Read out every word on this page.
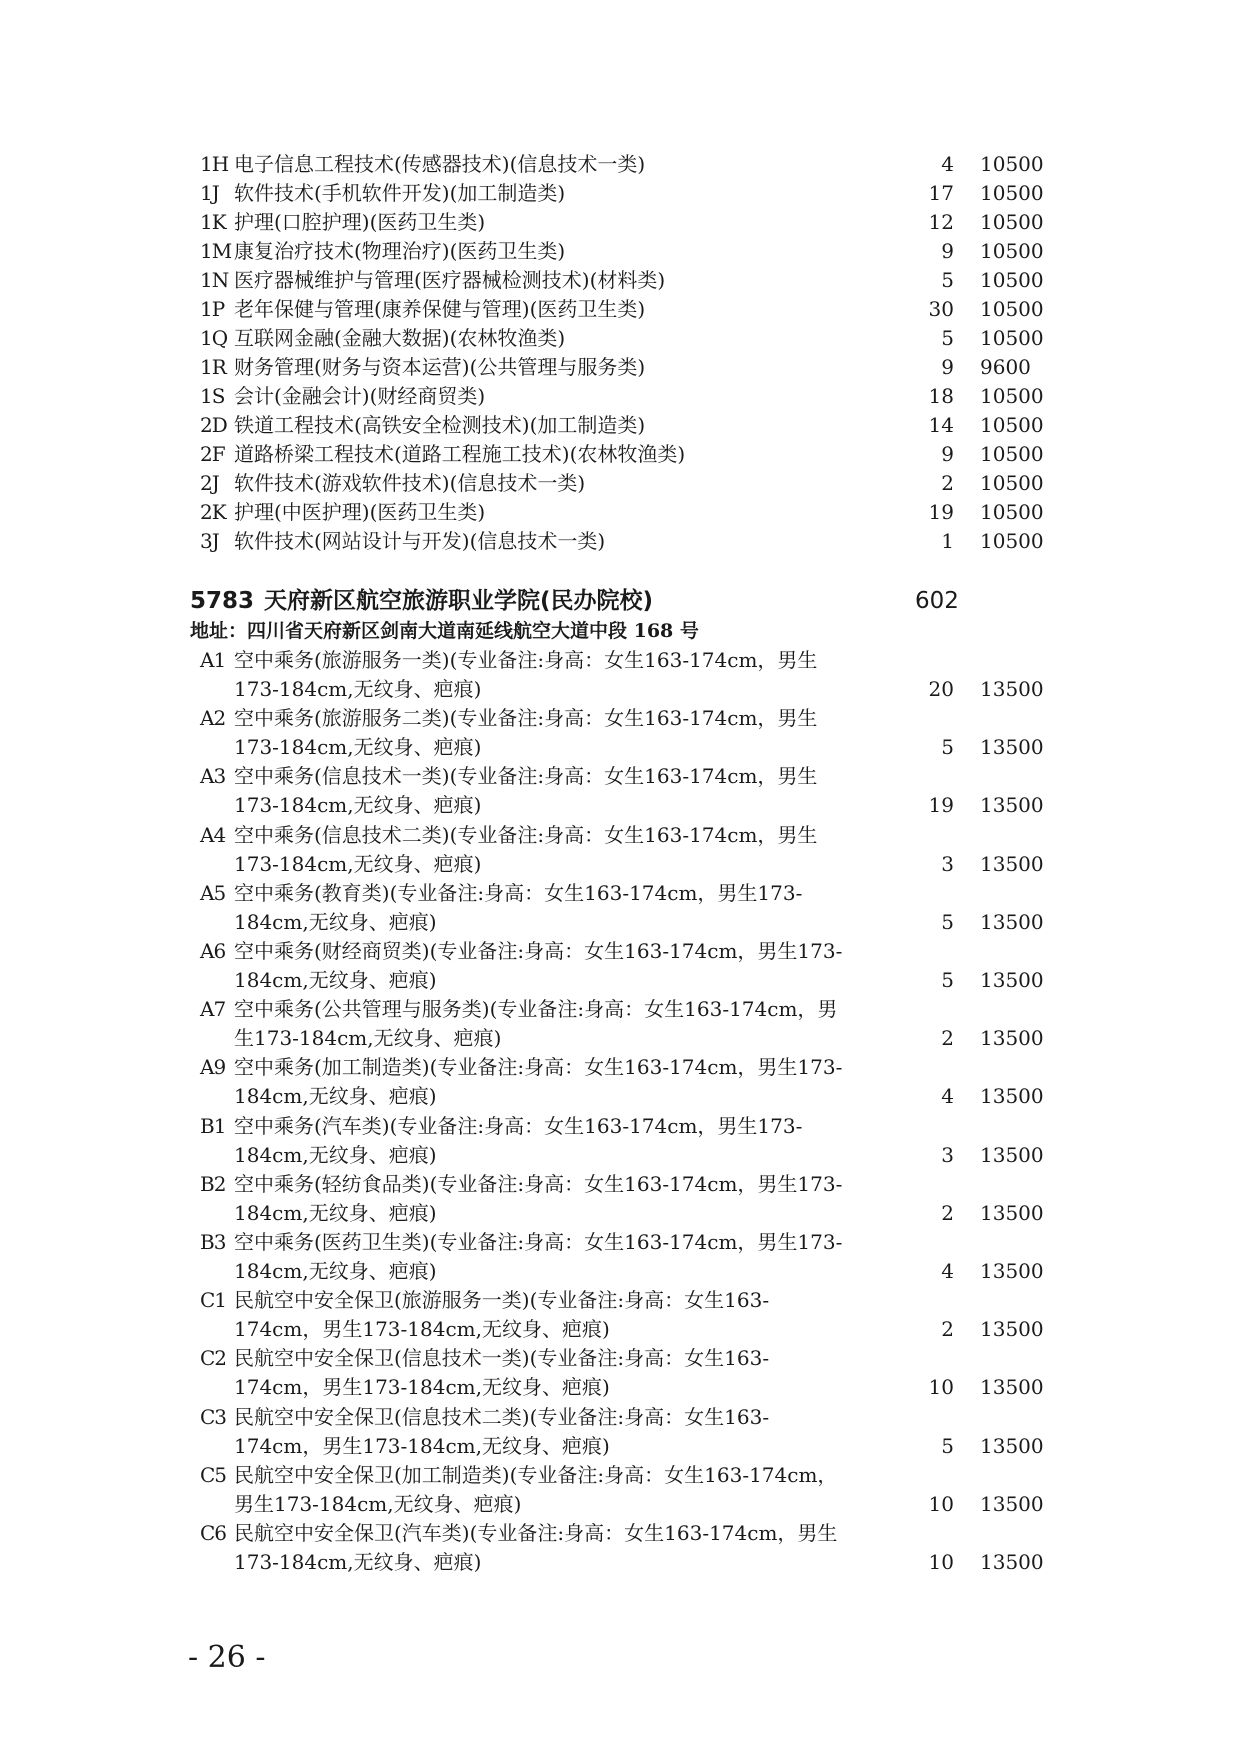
1H 电子信息工程技术(传感器技术)(信息技术一类)	4 10500
1J 软件技术(手机软件开发)(加工制造类)	17 10500
1K 护理(口腔护理)(医药卫生类)	12 10500
1M 康复治疗技术(物理治疗)(医药卫生类)	9 10500
1N 医疗器械维护与管理(医疗器械检测技术)(材料类)	5 10500
1P 老年保健与管理(康养保健与管理)(医药卫生类)	30 10500
1Q 互联网金融(金融大数据)(农林牧渔类)	5 10500
1R 财务管理(财务与资本运营)(公共管理与服务类)	9 9600
1S 会计(金融会计)(财经商贸类)	18 10500
2D 铁道工程技术(高铁安全检测技术)(加工制造类)	14 10500
2F 道路桥梁工程技术(道路工程施工技术)(农林牧渔类)	9 10500
2J 软件技术(游戏软件技术)(信息技术一类)	2 10500
2K 护理(中医护理)(医药卫生类)	19 10500
3J 软件技术(网站设计与开发)(信息技术一类)	1 10500
5783 天府新区航空旅游职业学院(民办院校)	602
地址：四川省天府新区剑南大道南延线航空大道中段 168 号
A1 空中乘务(旅游服务一类)(专业备注:身高：女生163-174cm，男生
173-184cm,无纹身、疤痕)	20 13500
A2 空中乘务(旅游服务二类)(专业备注:身高：女生163-174cm，男生
173-184cm,无纹身、疤痕)	5 13500
A3 空中乘务(信息技术一类)(专业备注:身高：女生163-174cm，男生
173-184cm,无纹身、疤痕)	19 13500
A4 空中乘务(信息技术二类)(专业备注:身高：女生163-174cm，男生
173-184cm,无纹身、疤痕)	3 13500
A5 空中乘务(教育类)(专业备注:身高：女生163-174cm，男生173-
184cm,无纹身、疤痕)	5 13500
A6 空中乘务(财经商贸类)(专业备注:身高：女生163-174cm，男生173-
184cm,无纹身、疤痕)	5 13500
A7 空中乘务(公共管理与服务类)(专业备注:身高：女生163-174cm，男
生173-184cm,无纹身、疤痕)	2 13500
A9 空中乘务(加工制造类)(专业备注:身高：女生163-174cm，男生173-
184cm,无纹身、疤痕)	4 13500
B1 空中乘务(汽车类)(专业备注:身高：女生163-174cm，男生173-
184cm,无纹身、疤痕)	3 13500
B2 空中乘务(轻纺食品类)(专业备注:身高：女生163-174cm，男生173-
184cm,无纹身、疤痕)	2 13500
B3 空中乘务(医药卫生类)(专业备注:身高：女生163-174cm，男生173-
184cm,无纹身、疤痕)	4 13500
C1 民航空中安全保卫(旅游服务一类)(专业备注:身高：女生163-
174cm，男生173-184cm,无纹身、疤痕)	2 13500
C2 民航空中安全保卫(信息技术一类)(专业备注:身高：女生163-
174cm，男生173-184cm,无纹身、疤痕)	10 13500
C3 民航空中安全保卫(信息技术二类)(专业备注:身高：女生163-
174cm，男生173-184cm,无纹身、疤痕)	5 13500
C5 民航空中安全保卫(加工制造类)(专业备注:身高：女生163-174cm，
男生173-184cm,无纹身、疤痕)	10 13500
C6 民航空中安全保卫(汽车类)(专业备注:身高：女生163-174cm，男生
173-184cm,无纹身、疤痕)	10 13500
- 26 -
